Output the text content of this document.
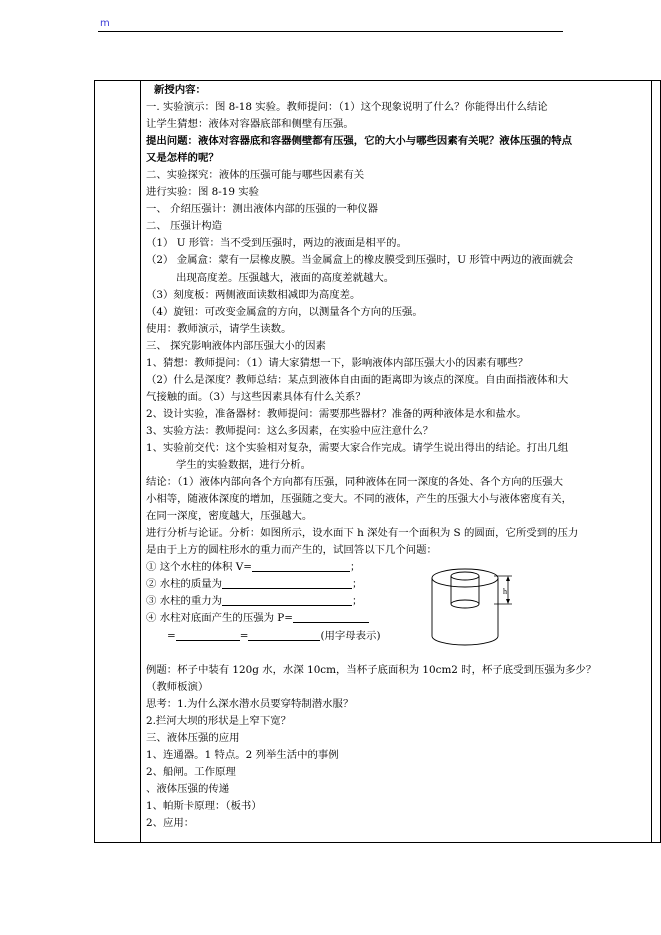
m
新授内容：
一. 实验演示：图 8-18 实验。教师提问：（1）这个现象说明了什么？你能得出什么结论
让学生猜想：液体对容器底部和侧壁有压强。
提出问题：液体对容器底和容器侧壁都有压强，它的大小与哪些因素有关呢？液体压强的特点
又是怎样的呢？
二、实验探究：液体的压强可能与哪些因素有关
进行实验：图 8-19 实验
一、 介绍压强计：测出液体内部的压强的一种仪器
二、 压强计构造
（1） U 形管：当不受到压强时，两边的液面是相平的。
（2） 金属盒：蒙有一层橡皮膜。当金属盒上的橡皮膜受到压强时，U 形管中两边的液面就会
出现高度差。压强越大，液面的高度差就越大。
（3）刻度板：两侧液面读数相减即为高度差。
（4）旋钮：可改变金属盒的方向，以测量各个方向的压强。
使用：教师演示，请学生读数。
三、 探究影响液体内部压强大小的因素
1、猜想：教师提问：（1）请大家猜想一下，影响液体内部压强大小的因素有哪些？
（2）什么是深度？教师总结：某点到液体自由面的距离即为该点的深度。自由面指液体和大
气接触的面。（3）与这些因素具体有什么关系？
2、设计实验，准备器材：教师提问：需要那些器材？准备的两种液体是水和盐水。
3、实验方法：教师提问：这么多因素，在实验中应注意什么？
1、实验前交代：这个实验相对复杂，需要大家合作完成。请学生说出得出的结论。打出几组
学生的实验数据，进行分析。
结论：（1）液体内部向各个方向都有压强，同种液体在同一深度的各处、各个方向的压强大
小相等，随液体深度的增加，压强随之变大。不同的液体，产生的压强大小与液体密度有关，
在同一深度，密度越大，压强越大。
进行分析与论证。分析：如图所示，设水面下 h 深处有一个面积为 S 的圆面，它所受到的压力
是由于上方的圆柱形水的重力而产生的，试回答以下几个问题：
① 这个水柱的体积 V=	；
② 水柱的质量为	；
③ 水柱的重力为	；
④ 水柱对底面产生的压强为 P=
=	=	(用字母表示)
例题：杯子中装有 120g 水，水深 10cm，当杯子底面积为 10cm2 时，杯子底受到压强为多少？
（教师板演）
思考：1.为什么深水潜水员要穿特制潜水服？
2.拦河大坝的形状是上窄下宽？
三、液体压强的应用
1、连通器。1 特点。2 列举生活中的事例
2、船闸。工作原理
、液体压强的传递
1、帕斯卡原理：（板书）
2、应用：
h
